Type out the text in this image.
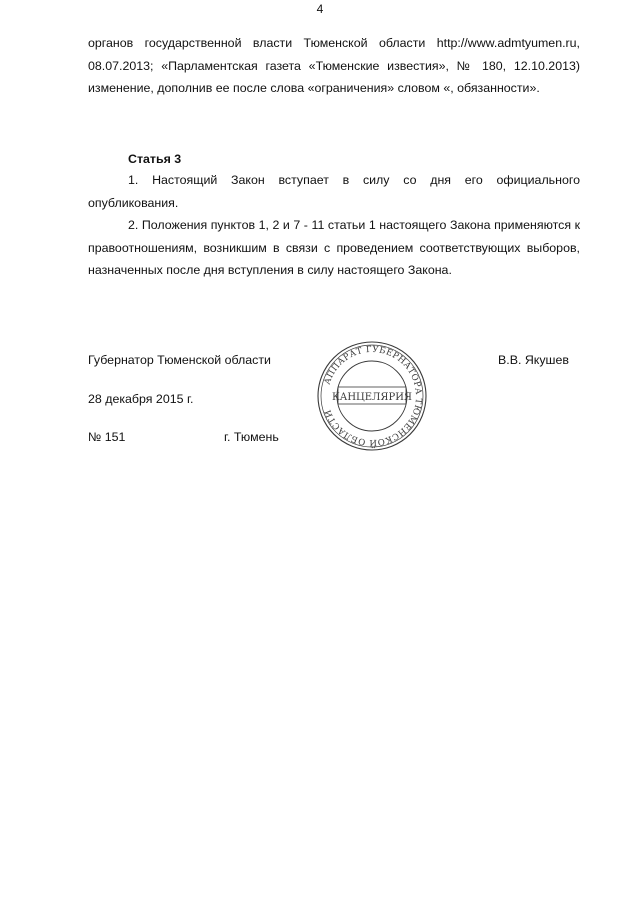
4
органов государственной власти Тюменской области http://www.admtyumen.ru, 08.07.2013; «Парламентская газета «Тюменские известия», № 180, 12.10.2013) изменение, дополнив ее после слова «ограничения» словом «, обязанности».
Статья 3
1. Настоящий Закон вступает в силу со дня его официального опубликования.
2. Положения пунктов 1, 2 и 7 - 11 статьи 1 настоящего Закона применяются к правоотношениям, возникшим в связи с проведением соответствующих выборов, назначенных после дня вступления в силу настоящего Закона.
Губернатор Тюменской области	В.В. Якушев
28 декабря 2015 г.
№ 151	г. Тюмень
АППАРАТ ГУБЕРНАТОРА ТЮМЕНСКОЙ ОБЛАСТИ
КАНЦЕЛЯРИЯ
